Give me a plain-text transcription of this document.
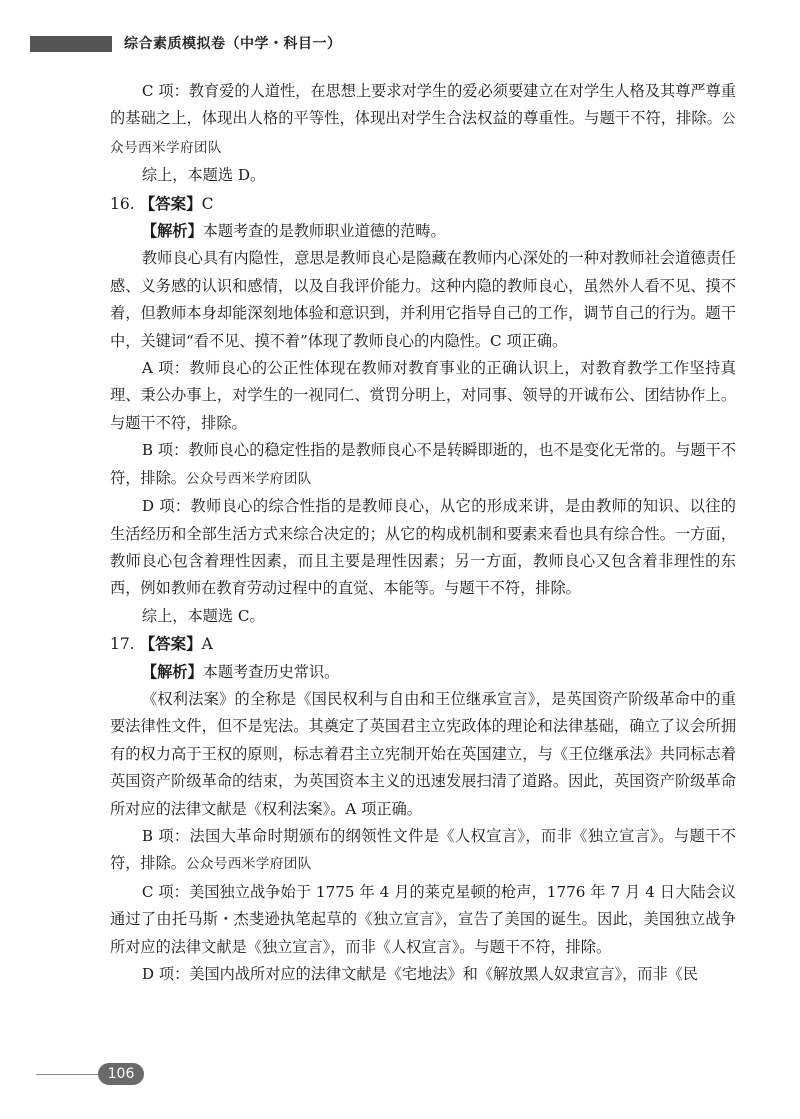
综合素质模拟卷（中学・科目一）

C 项：教育爱的人道性，在思想上要求对学生的爱必须要建立在对学生人格及其尊严尊重的基础之上，体现出人格的平等性，体现出对学生合法权益的尊重性。与题干不符，排除。公众号西米学府团队

综上，本题选 D。

16. 【答案】C

【解析】本题考查的是教师职业道德的范畴。

教师良心具有内隐性，意思是教师良心是隐藏在教师内心深处的一种对教师社会道德责任感、义务感的认识和感情，以及自我评价能力。这种内隐的教师良心，虽然外人看不见、摸不着，但教师本身却能深刻地体验和意识到，并利用它指导自己的工作，调节自己的行为。题干中，关键词“看不见、摸不着”体现了教师良心的内隐性。C 项正确。

A 项：教师良心的公正性体现在教师对教育事业的正确认识上，对教育教学工作坚持真理、秉公办事上，对学生的一视同仁、赏罚分明上，对同事、领导的开诚布公、团结协作上。与题干不符，排除。

B 项：教师良心的稳定性指的是教师良心不是转瞬即逝的，也不是变化无常的。与题干不符，排除。公众号西米学府团队

D 项：教师良心的综合性指的是教师良心，从它的形成来讲，是由教师的知识、以往的生活经历和全部生活方式来综合决定的；从它的构成机制和要素来看也具有综合性。一方面，教师良心包含着理性因素，而且主要是理性因素；另一方面，教师良心又包含着非理性的东西，例如教师在教育劳动过程中的直觉、本能等。与题干不符，排除。

综上，本题选 C。

17. 【答案】A

【解析】本题考查历史常识。

《权利法案》的全称是《国民权利与自由和王位继承宣言》，是英国资产阶级革命中的重要法律性文件，但不是宪法。其奠定了英国君主立宪政体的理论和法律基础，确立了议会所拥有的权力高于王权的原则，标志着君主立宪制开始在英国建立，与《王位继承法》共同标志着英国资产阶级革命的结束，为英国资本主义的迅速发展扫清了道路。因此，英国资产阶级革命所对应的法律文献是《权利法案》。A 项正确。

B 项：法国大革命时期颁布的纲领性文件是《人权宣言》，而非《独立宣言》。与题干不符，排除。公众号西米学府团队

C 项：美国独立战争始于 1775 年 4 月的莱克星顿的枪声，1776 年 7 月 4 日大陆会议通过了由托马斯・杰斐逊执笔起草的《独立宣言》，宣告了美国的诞生。因此，美国独立战争所对应的法律文献是《独立宣言》，而非《人权宣言》。与题干不符，排除。

D 项：美国内战所对应的法律文献是《宅地法》和《解放黑人奴隶宣言》，而非《民

106
